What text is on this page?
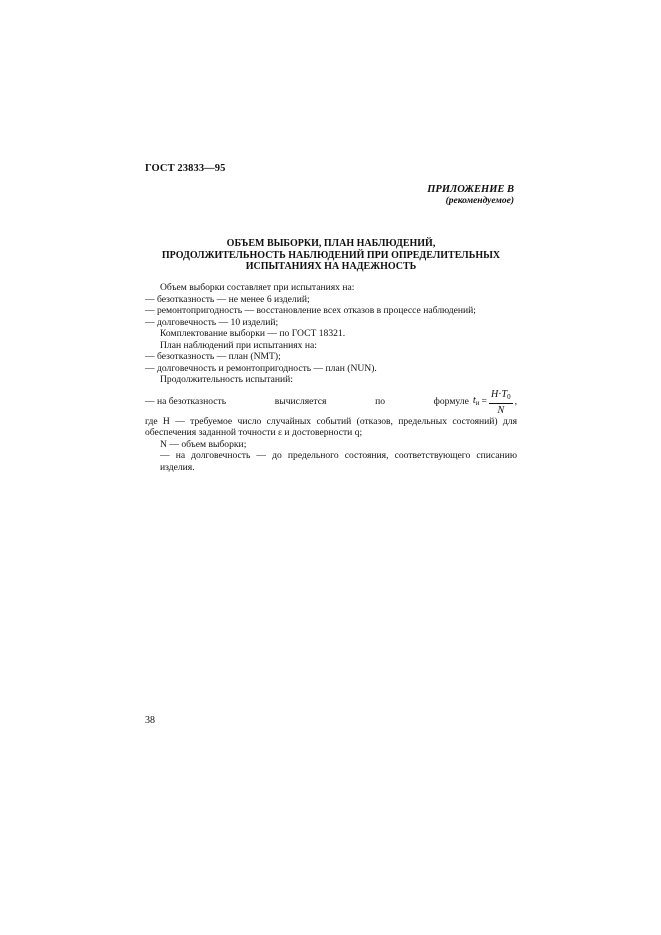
ГОСТ 23833—95
ПРИЛОЖЕНИЕ В
(рекомендуемое)
ОБЪЕМ ВЫБОРКИ, ПЛАН НАБЛЮДЕНИЙ,
ПРОДОЛЖИТЕЛЬНОСТЬ НАБЛЮДЕНИЙ ПРИ ОПРЕДЕЛИТЕЛЬНЫХ
ИСПЫТАНИЯХ НА НАДЕЖНОСТЬ
Объем выборки составляет при испытаниях на:
— безотказность — не менее 6 изделий;
— ремонтопригодность — восстановление всех отказов в процессе наблюдений;
— долговечность — 10 изделий;
Комплектование выборки — по ГОСТ 18321.
План наблюдений при испытаниях на:
— безотказность — план (NMT);
— долговечность и ремонтопригодность — план (NUN).
Продолжительность испытаний:
— на безотказность	вычисляется	по	формуле $t_и = \frac{H\cdot T_0}{N}$ ,
где H — требуемое число случайных событий (отказов, предельных состояний) для обеспечения заданной точности ε и достоверности q;
N — объем выборки;
— на долговечность — до предельного состояния, соответствующего списанию изделия.
38
